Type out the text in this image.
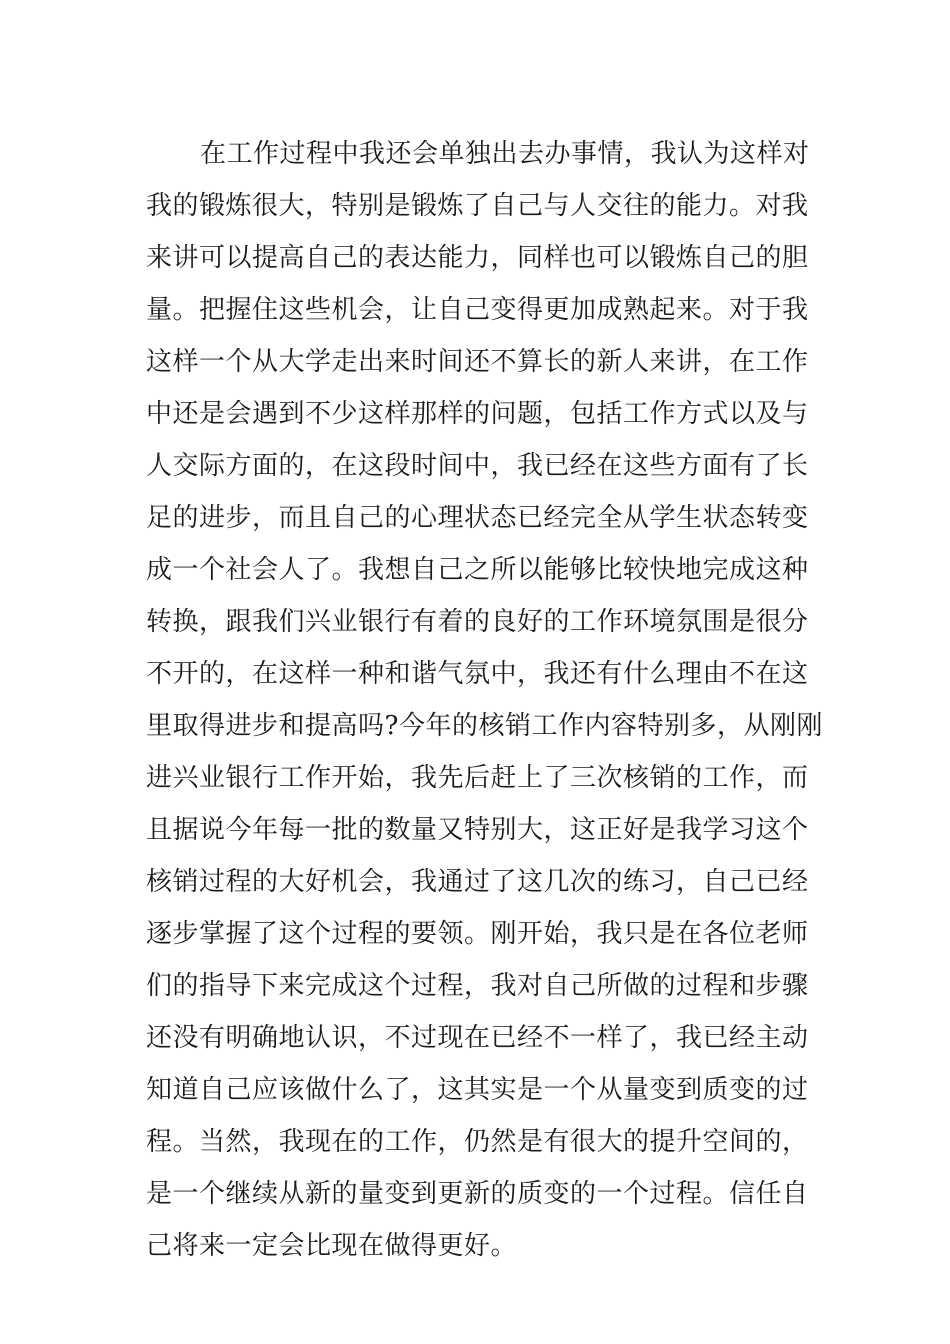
在工作过程中我还会单独出去办事情，我认为这样对
我的锻炼很大，特别是锻炼了自己与人交往的能力。对我
来讲可以提高自己的表达能力，同样也可以锻炼自己的胆
量。把握住这些机会，让自己变得更加成熟起来。对于我
这样一个从大学走出来时间还不算长的新人来讲，在工作
中还是会遇到不少这样那样的问题，包括工作方式以及与
人交际方面的，在这段时间中，我已经在这些方面有了长
足的进步，而且自己的心理状态已经完全从学生状态转变
成一个社会人了。我想自己之所以能够比较快地完成这种
转换，跟我们兴业银行有着的良好的工作环境氛围是很分
不开的，在这样一种和谐气氛中，我还有什么理由不在这
里取得进步和提高吗?今年的核销工作内容特别多，从刚刚
进兴业银行工作开始，我先后赶上了三次核销的工作，而
且据说今年每一批的数量又特别大，这正好是我学习这个
核销过程的大好机会，我通过了这几次的练习，自己已经
逐步掌握了这个过程的要领。刚开始，我只是在各位老师
们的指导下来完成这个过程，我对自己所做的过程和步骤
还没有明确地认识，不过现在已经不一样了，我已经主动
知道自己应该做什么了，这其实是一个从量变到质变的过
程。当然，我现在的工作，仍然是有很大的提升空间的，
是一个继续从新的量变到更新的质变的一个过程。信任自
己将来一定会比现在做得更好。
